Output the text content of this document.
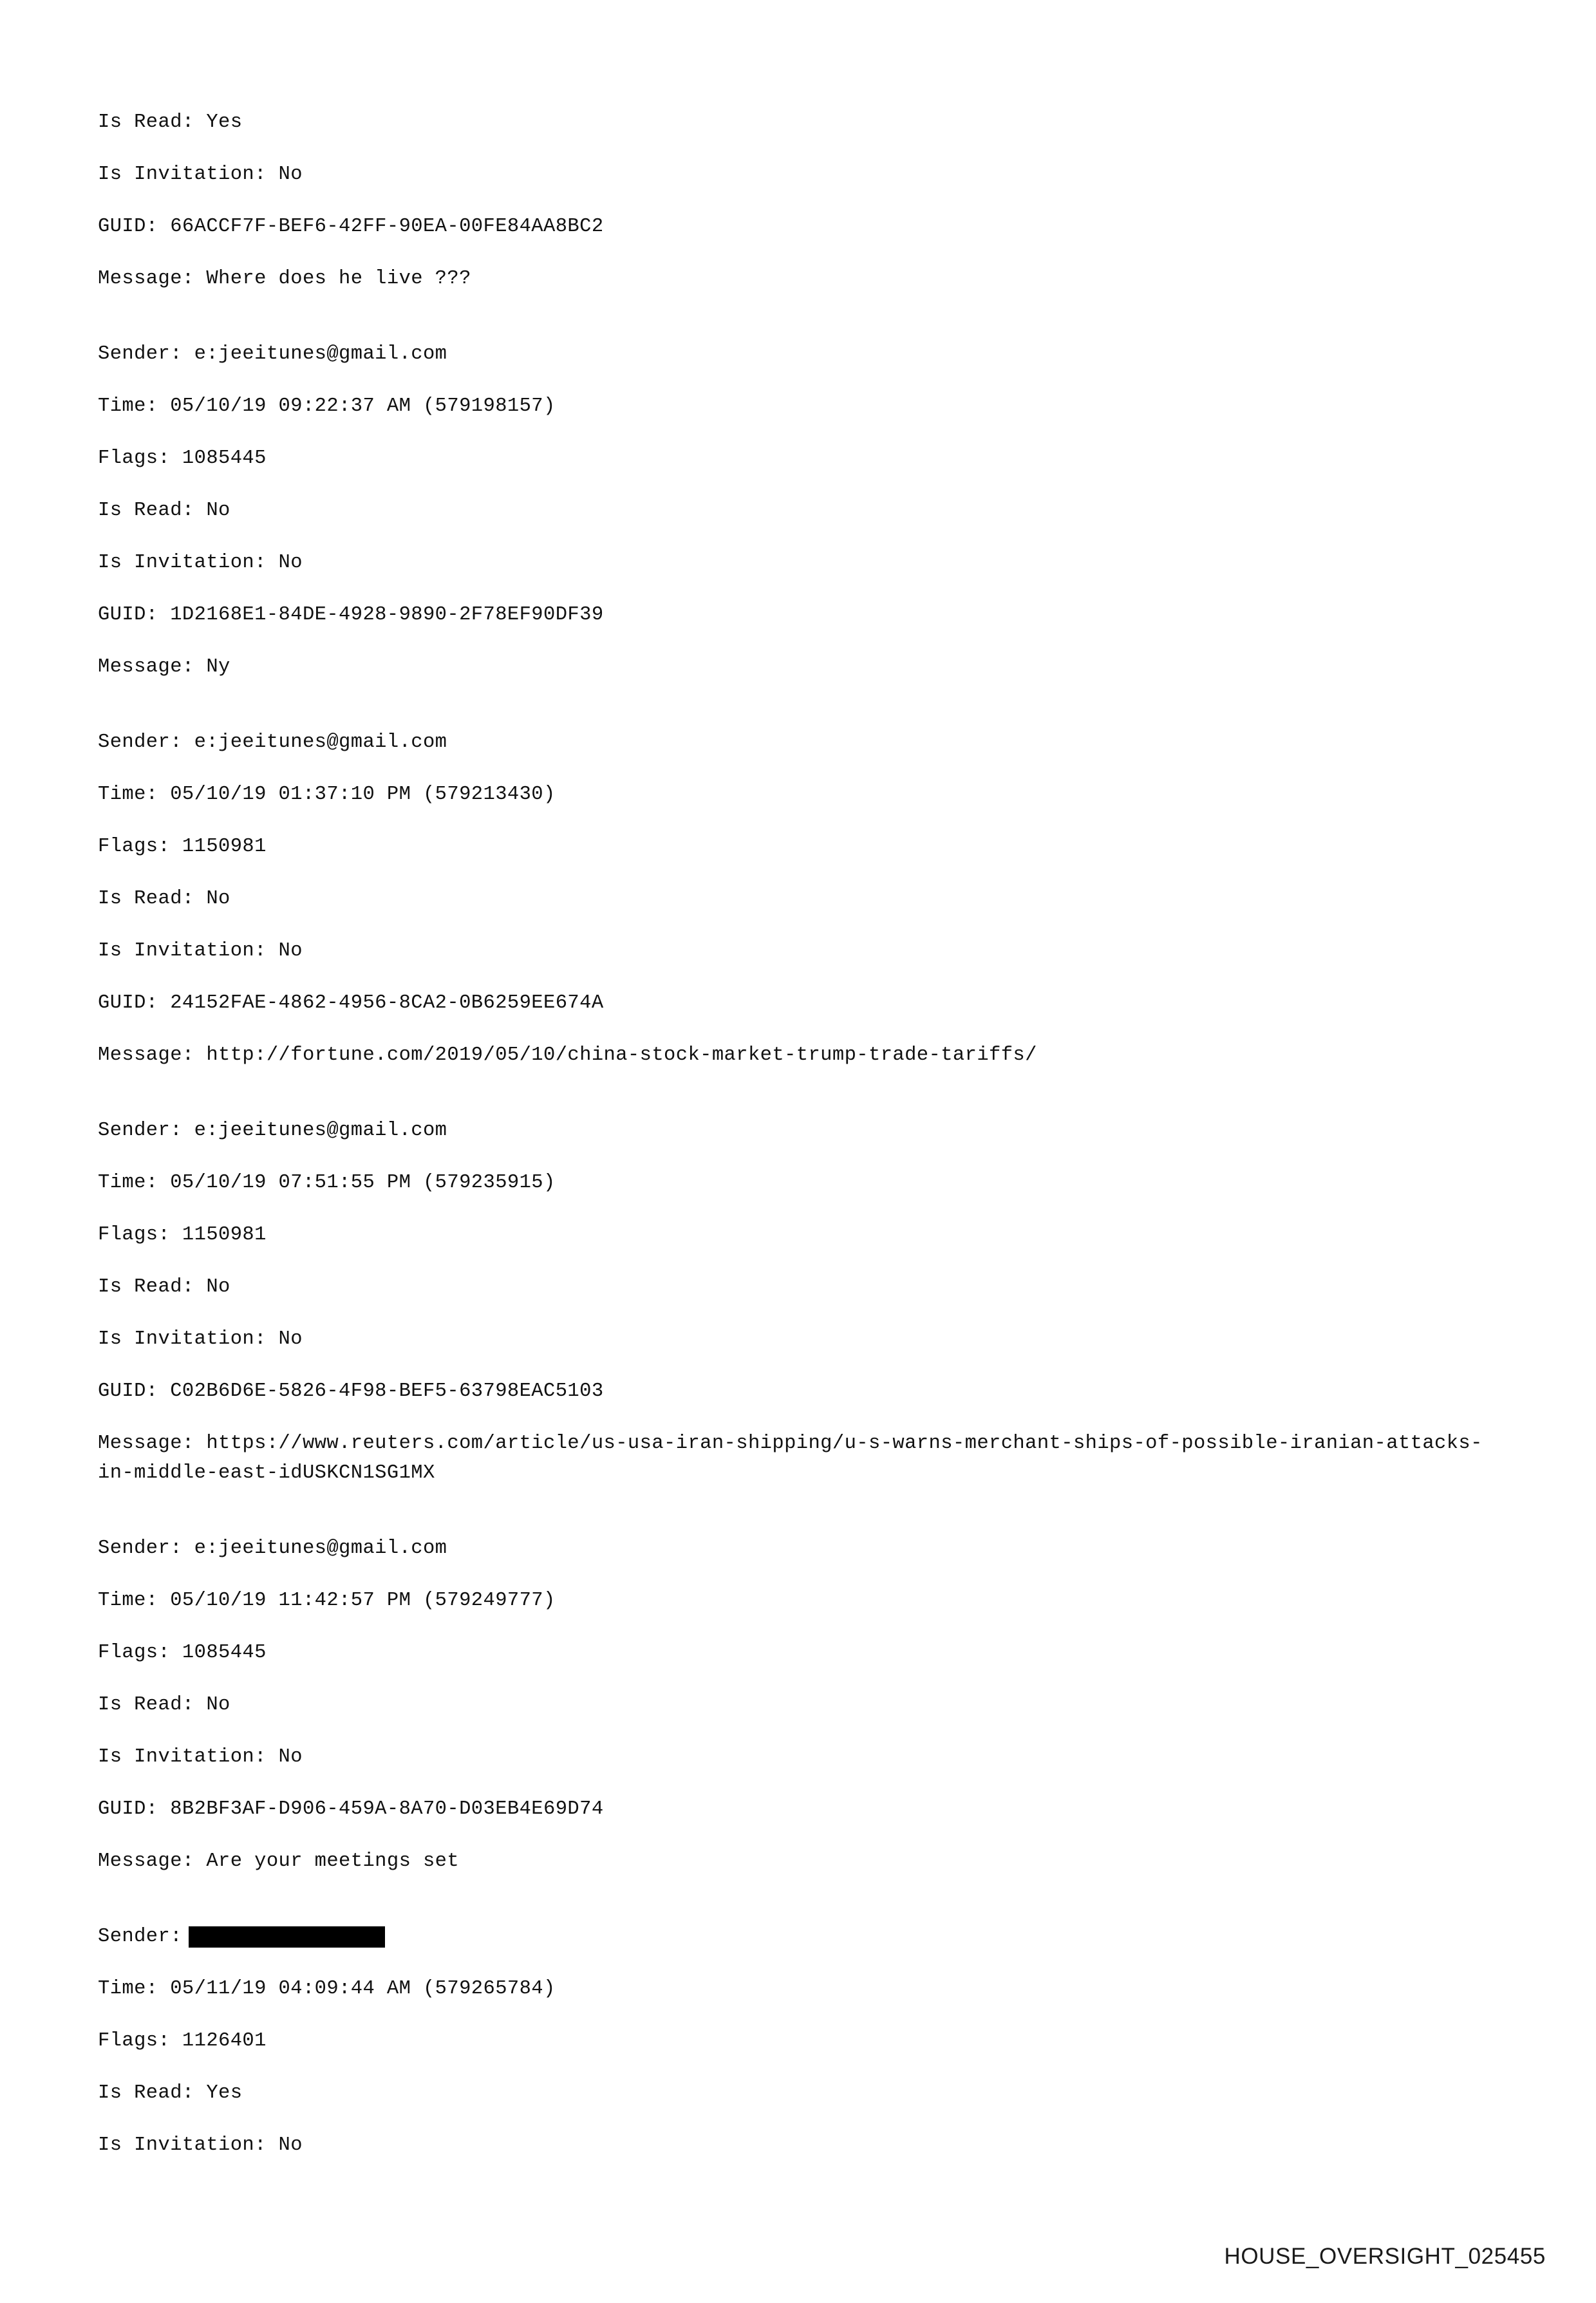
Is Read: Yes
Is Invitation: No
GUID: 66ACCF7F-BEF6-42FF-90EA-00FE84AA8BC2
Message: Where does he live ???
Sender: e:jeeitunes@gmail.com
Time: 05/10/19 09:22:37 AM (579198157)
Flags: 1085445
Is Read: No
Is Invitation: No
GUID: 1D2168E1-84DE-4928-9890-2F78EF90DF39
Message: Ny
Sender: e:jeeitunes@gmail.com
Time: 05/10/19 01:37:10 PM (579213430)
Flags: 1150981
Is Read: No
Is Invitation: No
GUID: 24152FAE-4862-4956-8CA2-0B6259EE674A
Message: http://fortune.com/2019/05/10/china-stock-market-trump-trade-tariffs/
Sender: e:jeeitunes@gmail.com
Time: 05/10/19 07:51:55 PM (579235915)
Flags: 1150981
Is Read: No
Is Invitation: No
GUID: C02B6D6E-5826-4F98-BEF5-63798EAC5103
Message: https://www.reuters.com/article/us-usa-iran-shipping/u-s-warns-merchant-ships-of-possible-iranian-attacks-in-middle-east-idUSKCN1SG1MX
Sender: e:jeeitunes@gmail.com
Time: 05/10/19 11:42:57 PM (579249777)
Flags: 1085445
Is Read: No
Is Invitation: No
GUID: 8B2BF3AF-D906-459A-8A70-D03EB4E69D74
Message: Are your meetings set
Sender:
Time: 05/11/19 04:09:44 AM (579265784)
Flags: 1126401
Is Read: Yes
Is Invitation: No
HOUSE_OVERSIGHT_025455
